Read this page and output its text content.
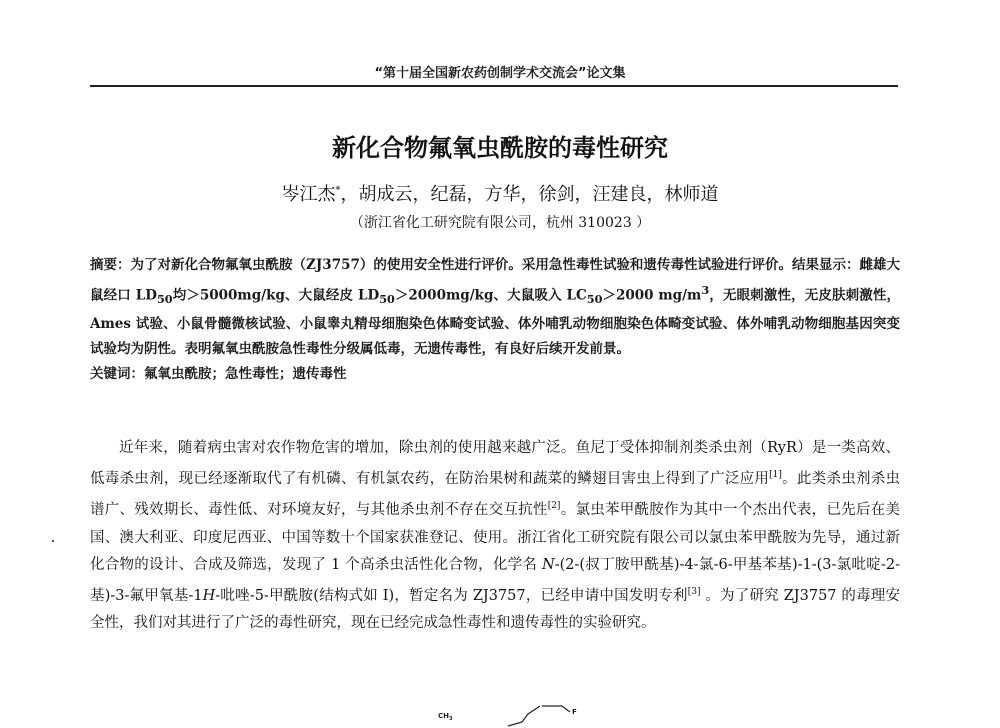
“第十届全国新农药创制学术交流会”论文集
新化合物氟氧虫酰胺的毒性研究
岑江杰*，胡成云，纪磊，方华，徐剑，汪建良，林师道
（浙江省化工研究院有限公司，杭州 310023 ）

摘要：为了对新化合物氟氧虫酰胺（ZJ3757）的使用安全性进行评价。采用急性毒性试验和遗传毒性试验进行评价。结果显示：雌雄大鼠经口 $LD_{50}$均＞5000mg/kg、大鼠经皮 $LD_{50}>2000mg/kg$、大鼠吸入 $LC_{50}>2000$ $mg/m^3$，无眼刺激性，无皮肤刺激性，Ames 试验、小鼠骨髓微核试验、小鼠睾丸精母细胞染色体畸变试验、体外哺乳动物细胞染色体畸变试验、体外哺乳动物细胞基因突变试验均为阴性。表明氟氧虫酰胺急性毒性分级属低毒，无遗传毒性，有良好后续开发前景。

关键词：氟氧虫酰胺；急性毒性；遗传毒性

近年来，随着病虫害对农作物危害的增加，除虫剂的使用越来越广泛。鱼尼丁受体抑制剂类杀虫剂（RyR）是一类高效、低毒杀虫剂，现已经逐渐取代了有机磷、有机氯农药，在防治果树和蔬菜的鳞翅目害虫上得到了广泛应用[1]。此类杀虫剂杀虫谱广、残效期长、毒性低、对环境友好，与其他杀虫剂不存在交互抗性[2]。氯虫苯甲酰胺作为其中一个杰出代表，已先后在美国、澳大利亚、印度尼西亚、中国等数十个国家获准登记、使用。浙江省化工研究院有限公司以氯虫苯甲酰胺为先导，通过新化合物的设计、合成及筛选，发现了 1 个高杀虫活性化合物，化学名 N-(2-(叔丁胺甲酰基)-4-氯-6-甲基苯基)-1-(3-氯吡啶-2-基)-3-氟甲氧基-1H-吡唑-5-甲酰胺(结构式如 I)，暂定名为 ZJ3757，已经申请中国发明专利[3] 。为了研究 ZJ3757 的毒理安全性，我们对其进行了广泛的毒性研究，现在已经完成急性毒性和遗传毒性的实验研究。

$CH_3$
F
